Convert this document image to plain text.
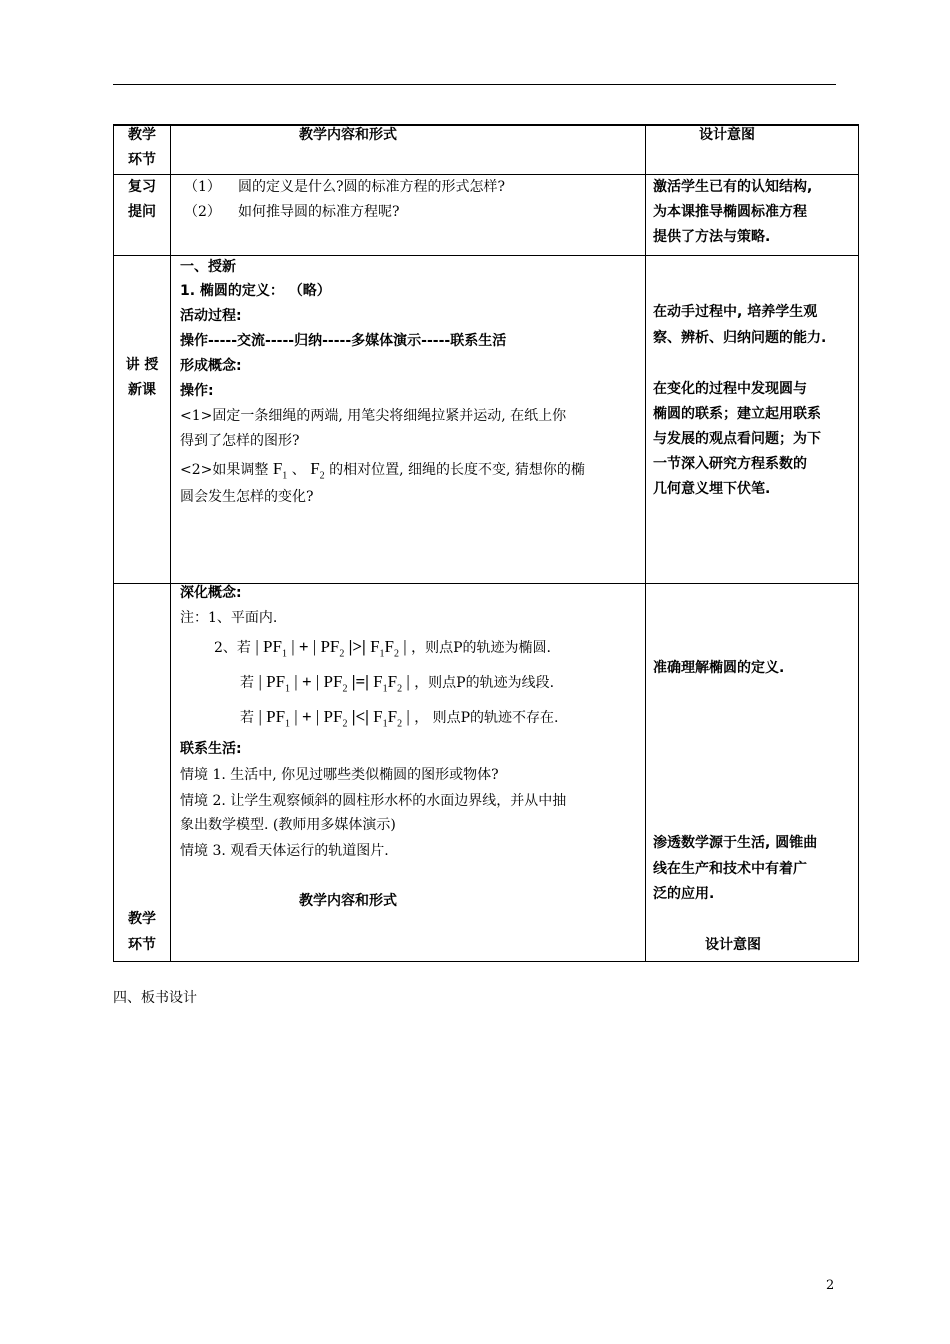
教学
环节
教学内容和形式	设计意图
复习
提问
（1） 圆的定义是什么?圆的标准方程的形式怎样?
（2） 如何推导圆的标准方程呢?
激活学生已有的认知结构,
为本课推导椭圆标准方程
提供了方法与策略.
讲 授
新课
一、授新
1. 椭圆的定义： （略）
活动过程:
操作-----交流-----归纳-----多媒体演示-----联系生活
形成概念:
操作:
<1>固定一条细绳的两端, 用笔尖将细绳拉紧并运动, 在纸上你
得到了怎样的图形?
<2>如果调整 $F_1$ 、 $F_2$ 的相对位置, 细绳的长度不变, 猜想你的椭
圆会发生怎样的变化?
在动手过程中, 培养学生观
察、辨析、归纳问题的能力.
在变化的过程中发现圆与
椭圆的联系；建立起用联系
与发展的观点看问题；为下
一节深入研究方程系数的
几何意义埋下伏笔.
深化概念:
注：1、平面内.
2、若 | $PF_1$ | + | $PF_2$ |>| $F_1F_2$ | ，则点P的轨迹为椭圆.
若 | $PF_1$ | + | $PF_2$ |=| $F_1F_2$ | ，则点P的轨迹为线段.
若 | $PF_1$ | + | $PF_2$ |<| $F_1F_2$ | ， 则点P的轨迹不存在.
联系生活:
情境 1. 生活中, 你见过哪些类似椭圆的图形或物体?
情境 2. 让学生观察倾斜的圆柱形水杯的水面边界线，并从中抽
象出数学模型. (教师用多媒体演示)
情境 3. 观看天体运行的轨道图片.
教学内容和形式
教学
环节	设计意图
准确理解椭圆的定义.
渗透数学源于生活, 圆锥曲
线在生产和技术中有着广
泛的应用.
四、板书设计
2
